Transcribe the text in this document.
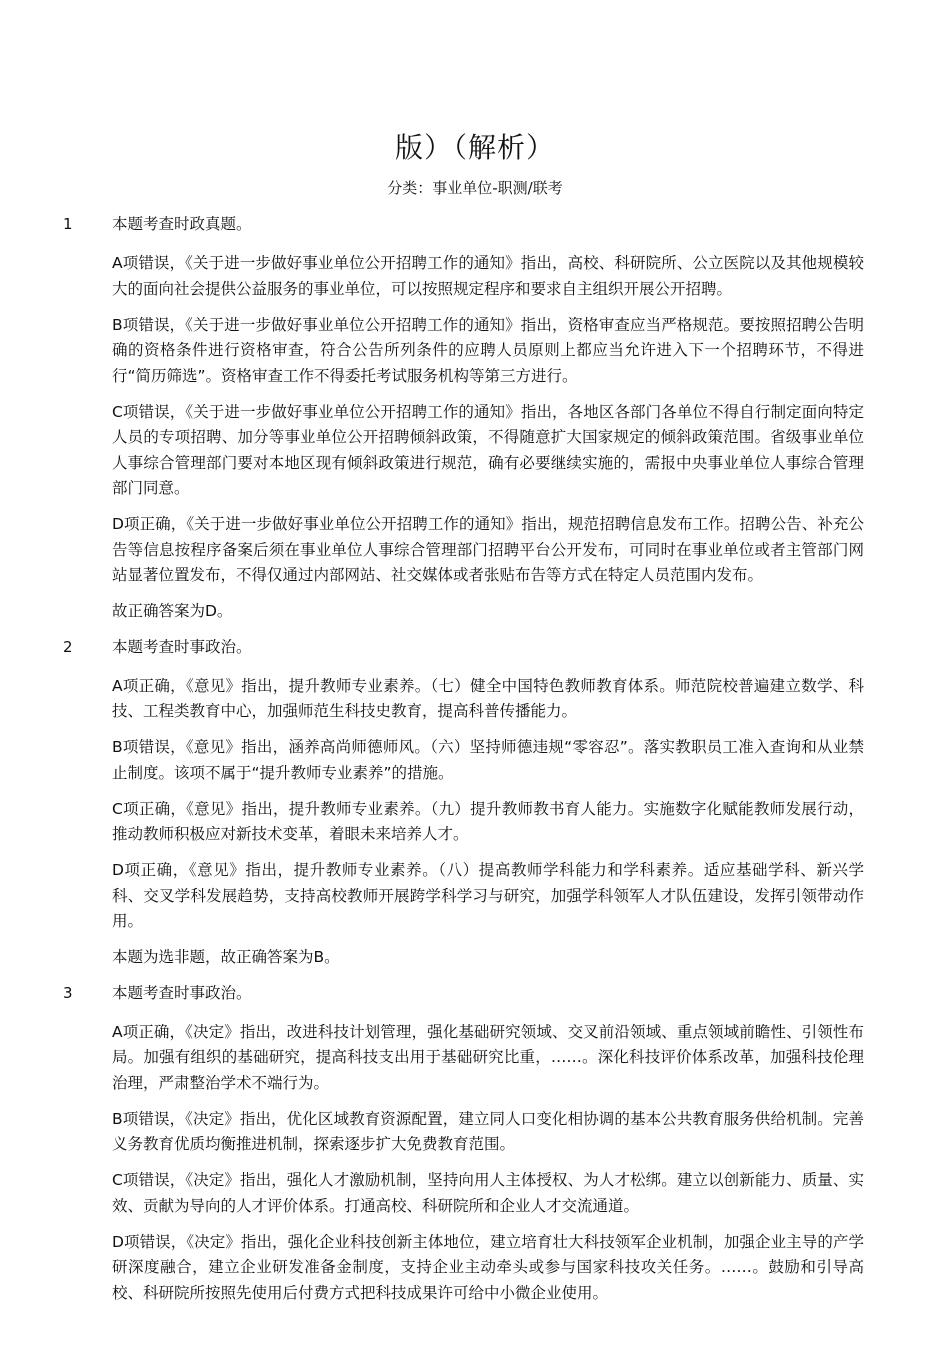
版）（解析）
分类：事业单位-职测/联考
1	本题考查时政真题。
A项错误，《关于进一步做好事业单位公开招聘工作的通知》指出，高校、科研院所、公立医院以及其他规模较大的面向社会提供公益服务的事业单位，可以按照规定程序和要求自主组织开展公开招聘。
B项错误，《关于进一步做好事业单位公开招聘工作的通知》指出，资格审查应当严格规范。要按照招聘公告明确的资格条件进行资格审查，符合公告所列条件的应聘人员原则上都应当允许进入下一个招聘环节，不得进行“简历筛选”。资格审查工作不得委托考试服务机构等第三方进行。
C项错误，《关于进一步做好事业单位公开招聘工作的通知》指出，各地区各部门各单位不得自行制定面向特定人员的专项招聘、加分等事业单位公开招聘倾斜政策，不得随意扩大国家规定的倾斜政策范围。省级事业单位人事综合管理部门要对本地区现有倾斜政策进行规范，确有必要继续实施的，需报中央事业单位人事综合管理部门同意。
D项正确，《关于进一步做好事业单位公开招聘工作的通知》指出，规范招聘信息发布工作。招聘公告、补充公告等信息按程序备案后须在事业单位人事综合管理部门招聘平台公开发布，可同时在事业单位或者主管部门网站显著位置发布，不得仅通过内部网站、社交媒体或者张贴布告等方式在特定人员范围内发布。
故正确答案为D。
2	本题考查时事政治。
A项正确，《意见》指出，提升教师专业素养。（七）健全中国特色教师教育体系。师范院校普遍建立数学、科技、工程类教育中心，加强师范生科技史教育，提高科普传播能力。
B项错误，《意见》指出，涵养高尚师德师风。（六）坚持师德违规“零容忍”。落实教职员工准入查询和从业禁止制度。该项不属于“提升教师专业素养”的措施。
C项正确，《意见》指出，提升教师专业素养。（九）提升教师教书育人能力。实施数字化赋能教师发展行动，推动教师积极应对新技术变革，着眼未来培养人才。
D项正确，《意见》指出，提升教师专业素养。（八）提高教师学科能力和学科素养。适应基础学科、新兴学科、交叉学科发展趋势，支持高校教师开展跨学科学习与研究，加强学科领军人才队伍建设，发挥引领带动作用。
本题为选非题，故正确答案为B。
3	本题考查时事政治。
A项正确，《决定》指出，改进科技计划管理，强化基础研究领域、交叉前沿领域、重点领域前瞻性、引领性布局。加强有组织的基础研究，提高科技支出用于基础研究比重，……。深化科技评价体系改革，加强科技伦理治理，严肃整治学术不端行为。
B项错误，《决定》指出，优化区域教育资源配置，建立同人口变化相协调的基本公共教育服务供给机制。完善义务教育优质均衡推进机制，探索逐步扩大免费教育范围。
C项错误，《决定》指出，强化人才激励机制，坚持向用人主体授权、为人才松绑。建立以创新能力、质量、实效、贡献为导向的人才评价体系。打通高校、科研院所和企业人才交流通道。
D项错误，《决定》指出，强化企业科技创新主体地位，建立培育壮大科技领军企业机制，加强企业主导的产学研深度融合，建立企业研发准备金制度，支持企业主动牵头或参与国家科技攻关任务。……。鼓励和引导高校、科研院所按照先使用后付费方式把科技成果许可给中小微企业使用。
